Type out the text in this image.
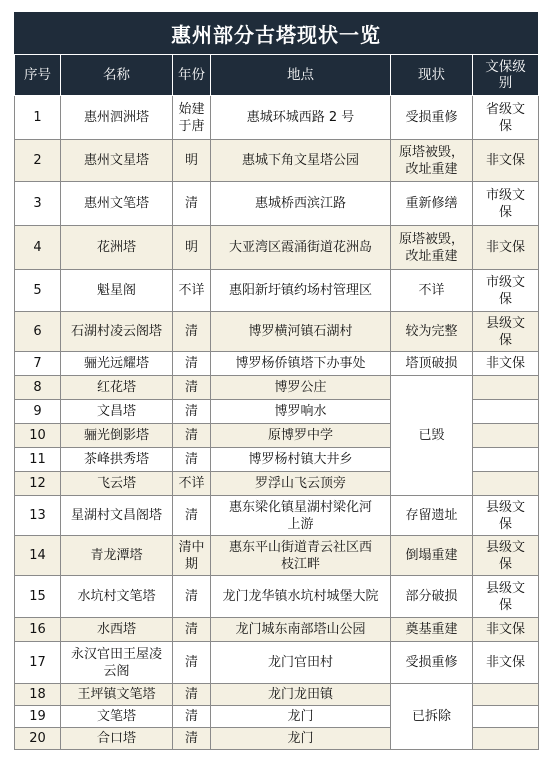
惠州部分古塔现状一览
序号	名称	年份	地点	现状	文保级别
1	惠州泗洲塔	始建于唐	惠城环城西路 2 号	受损重修	省级文保
2	惠州文星塔	明	惠城下角文星塔公园	原塔被毁，改址重建	非文保
3	惠州文笔塔	清	惠城桥西滨江路	重新修缮	市级文保
4	花洲塔	明	大亚湾区霞涌街道花洲岛	原塔被毁，改址重建	非文保
5	魁星阁	不详	惠阳新圩镇约场村管理区	不详	市级文保
6	石湖村凌云阁塔	清	博罗横河镇石湖村	较为完整	县级文保
7	骊光远耀塔	清	博罗杨侨镇塔下办事处	塔顶破损	非文保
8	红花塔	清	博罗公庄	已毁	
9	文昌塔	清	博罗响水		
10	骊光倒影塔	清	原博罗中学		
11	茶峰拱秀塔	清	博罗杨村镇大井乡		
12	飞云塔	不详	罗浮山飞云顶旁		
13	星湖村文昌阁塔	清	惠东梁化镇星湖村梁化河上游	存留遗址	县级文保
14	青龙潭塔	清中期	惠东平山街道青云社区西枝江畔	倒塌重建	县级文保
15	水坑村文笔塔	清	龙门龙华镇水坑村城堡大院	部分破损	县级文保
16	水西塔	清	龙门城东南部塔山公园	奠基重建	非文保
17	永汉官田王屋凌云阁	清	龙门官田村	受损重修	非文保
18	王坪镇文笔塔	清	龙门龙田镇	已拆除	
19	文笔塔	清	龙门		
20	合口塔	清	龙门		
